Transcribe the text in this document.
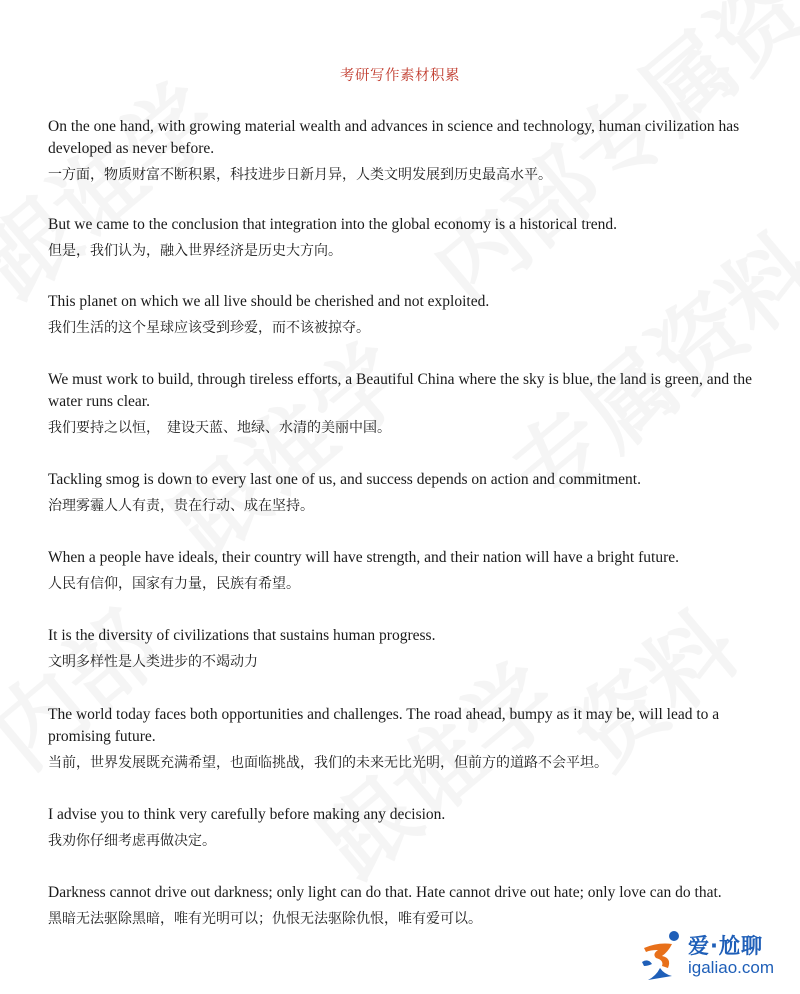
考研写作素材积累
On the one hand, with growing material wealth and advances in science and technology, human civilization has developed as never before.
一方面，物质财富不断积累，科技进步日新月异，人类文明发展到历史最高水平。
But we came to the conclusion that integration into the global economy is a historical trend.
但是，我们认为，融入世界经济是历史大方向。
This planet on which we all live should be cherished and not exploited.
我们生活的这个星球应该受到珍爱，而不该被掠夺。
We must work to build, through tireless efforts, a Beautiful China where the sky is blue, the land is green, and the water runs clear.
我们要持之以恒，　建设天蓝、地绿、水清的美丽中国。
Tackling smog is down to every last one of us, and success depends on action and commitment.
治理雾霾人人有责，贵在行动、成在坚持。
When a people have ideals, their country will have strength, and their nation will have a bright future.
人民有信仰，国家有力量，民族有希望。
It is the diversity of civilizations that sustains human progress.
文明多样性是人类进步的不竭动力
The world today faces both opportunities and challenges. The road ahead, bumpy as it may be, will lead to a promising future.
当前，世界发展既充满希望，也面临挑战，我们的未来无比光明，但前方的道路不会平坦。
I advise you to think very carefully before making any decision.
我劝你仔细考虑再做决定。
Darkness cannot drive out darkness; only light can do that. Hate cannot drive out hate; only love can do that.
黑暗无法驱除黑暗，唯有光明可以；仇恨无法驱除仇恨，唯有爱可以。
爱·尬聊
igaliao.com
